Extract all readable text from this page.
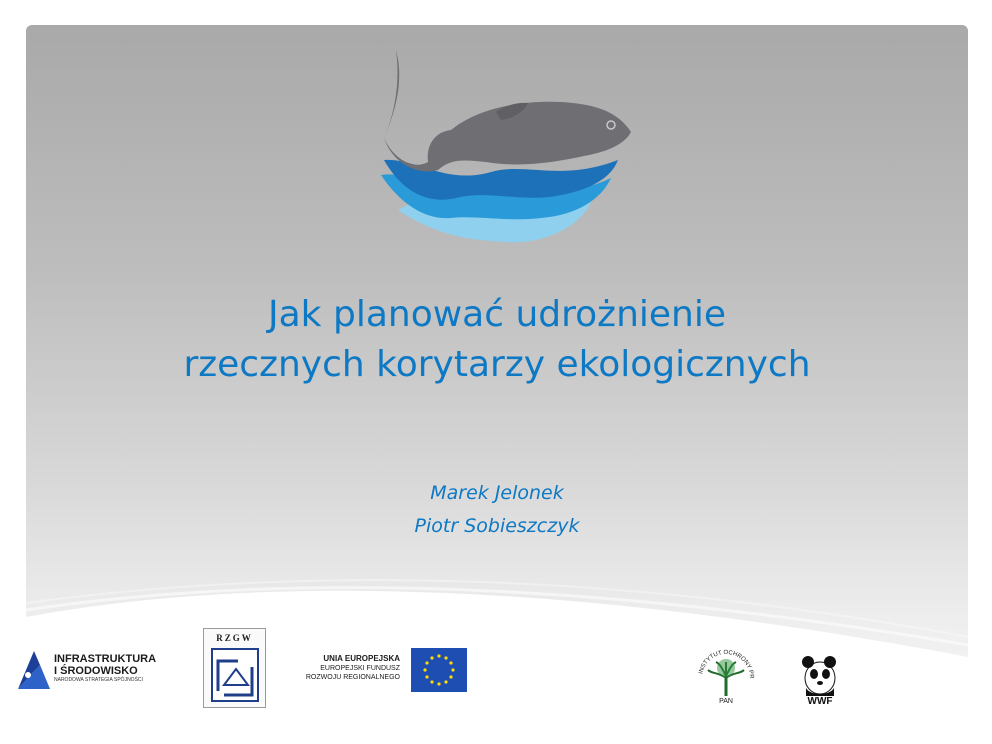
Jak planować udrożnienie
rzecznych korytarzy ekologicznych
Marek Jelonek
Piotr Sobieszczyk
INFRASTRUKTURA
I ŚRODOWISKO
NARODOWA STRATEGIA SPÓJNOŚCI
RZGW
UNIA EUROPEJSKA
EUROPEJSKI FUNDUSZ
ROZWOJU REGIONALNEGO
INSTYTUT OCHRONY PR
PAN	WWF
